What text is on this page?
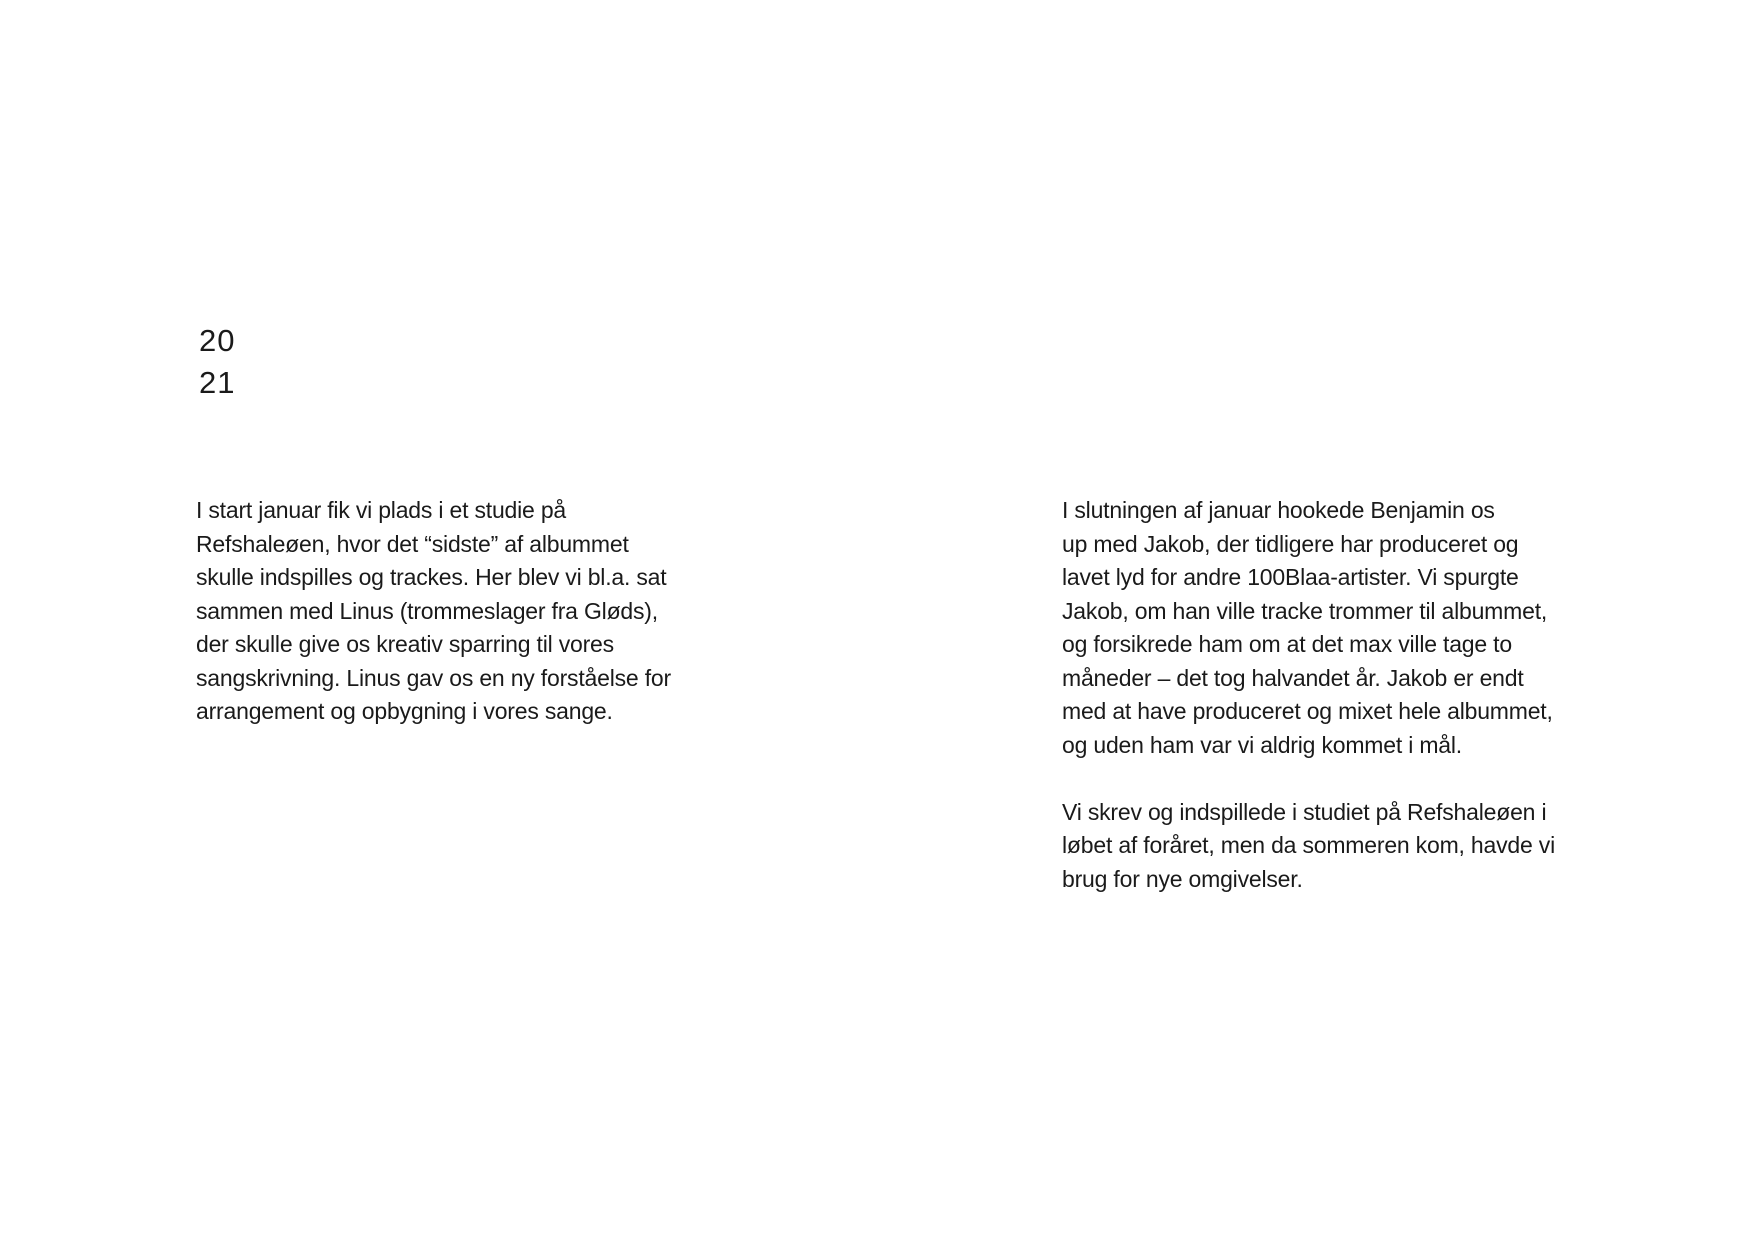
20
21

I start januar fik vi plads i et studie på
Refshaleøen, hvor det “sidste” af albummet
skulle indspilles og trackes. Her blev vi bl.a. sat
sammen med Linus (trommeslager fra Gløds),
der skulle give os kreativ sparring til vores
sangskrivning. Linus gav os en ny forståelse for
arrangement og opbygning i vores sange.

I slutningen af januar hookede Benjamin os
up med Jakob, der tidligere har produceret og
lavet lyd for andre 100Blaa-artister. Vi spurgte
Jakob, om han ville tracke trommer til albummet,
og forsikrede ham om at det max ville tage to
måneder – det tog halvandet år. Jakob er endt
med at have produceret og mixet hele albummet,
og uden ham var vi aldrig kommet i mål.

Vi skrev og indspillede i studiet på Refshaleøen i
løbet af foråret, men da sommeren kom, havde vi
brug for nye omgivelser.
